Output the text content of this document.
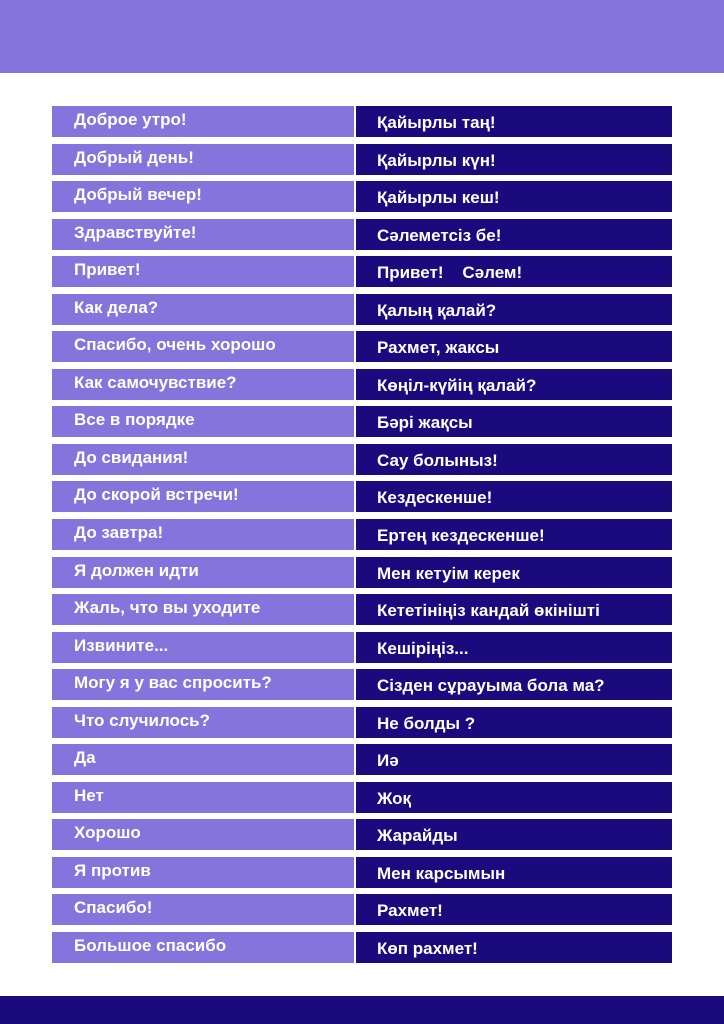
Доброе утро!	Қайырлы таң!
Добрый день!	Қайырлы күн!
Добрый вечер!	Қайырлы кеш!
Здравствуйте!	Сәлеметсіз бе!
Привет!	Привет!    Сәлем!
Как дела?	Қалың қалай?
Спасибо, очень хорошо	Рахмет, жаксы
Как самочувствие?	Көңіл-күйің қалай?
Все в порядке	Бәрі жақсы
До свидания!	Сау болыныз!
До скорой встречи!	Кездескенше!
До завтра!	Ертең кездескенше!
Я должен идти	Мен кетуім керек
Жаль, что вы уходите	Кететініңіз кандай өкінішті
Извините...	Кешіріңіз...
Могу я у вас спросить?	Сізден сұрауыма бола ма?
Что случилось?	Не болды ?
Да	Иә
Нет	Жоқ
Хорошо	Жарайды
Я против	Мен карсымын
Спасибо!	Рахмет!
Большое спасибо	Көп рахмет!
